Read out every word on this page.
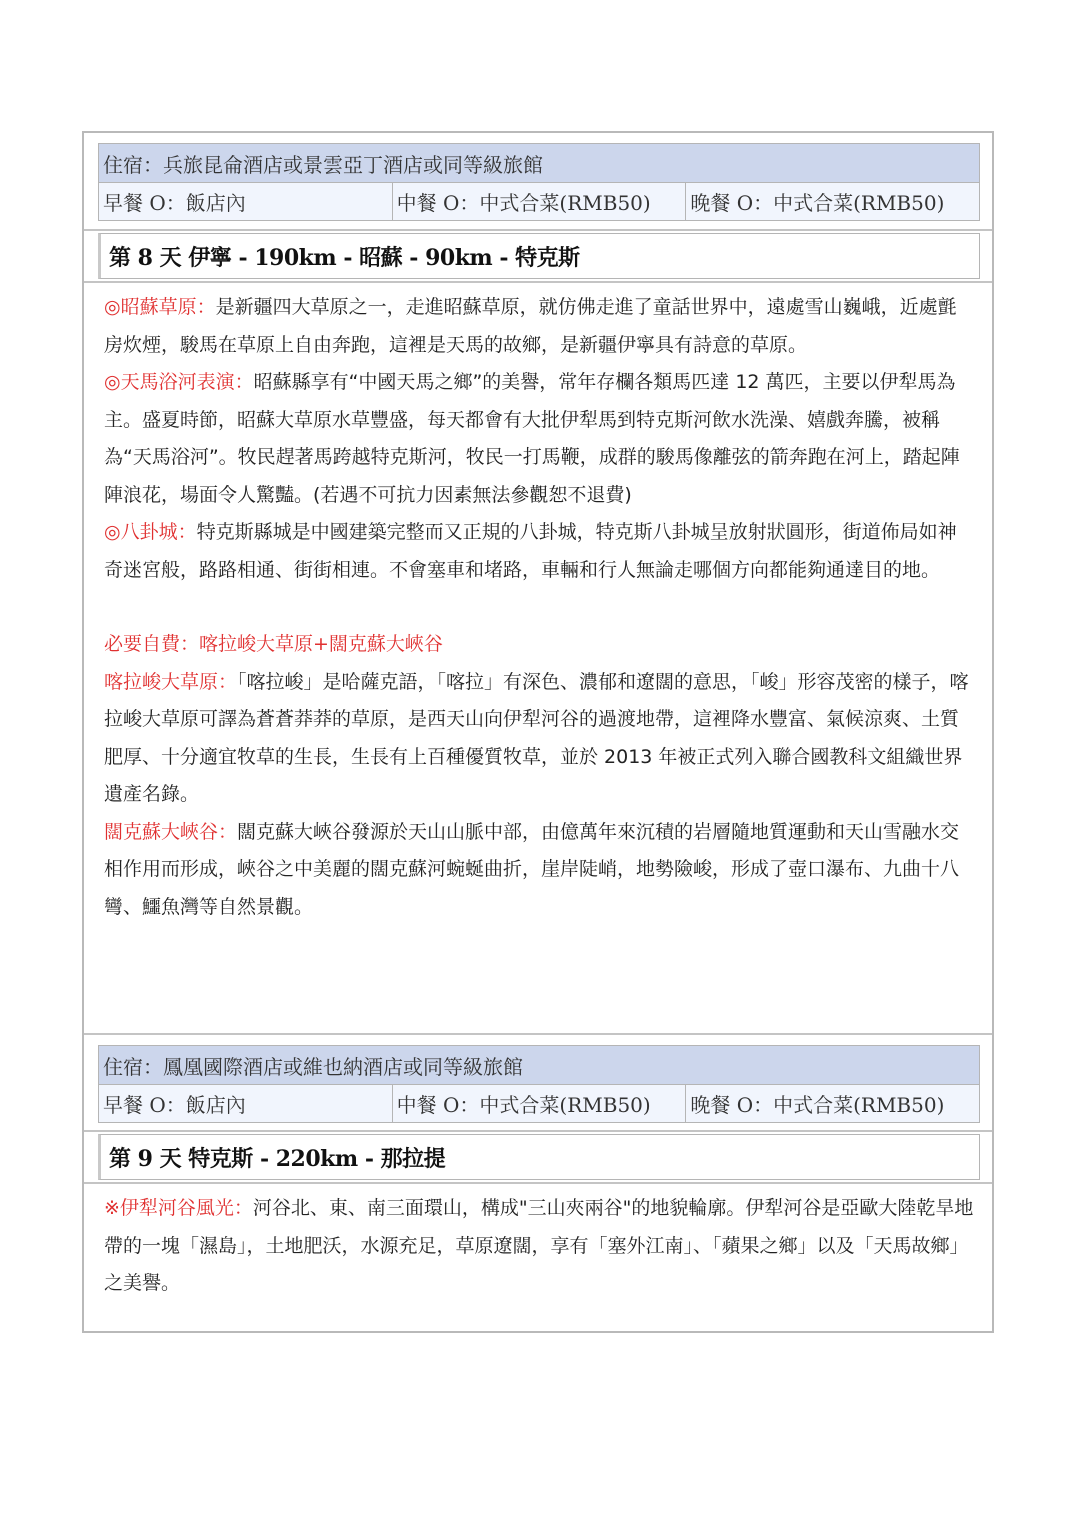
住宿：兵旅昆侖酒店或景雲亞丁酒店或同等級旅館
早餐 O：飯店內	中餐 O：中式合菜(RMB50)	晚餐 O：中式合菜(RMB50)
第 8 天 伊寧 - 190km - 昭蘇 - 90km - 特克斯

◎昭蘇草原：是新疆四大草原之一，走進昭蘇草原，就仿佛走進了童話世界中，遠處雪山巍峨，近處氈房炊煙，駿馬在草原上自由奔跑，這裡是天馬的故鄉，是新疆伊寧具有詩意的草原。

◎天馬浴河表演：昭蘇縣享有“中國天馬之鄉”的美譽，常年存欄各類馬匹達 12 萬匹，主要以伊犁馬為主。盛夏時節，昭蘇大草原水草豐盛，每天都會有大批伊犁馬到特克斯河飲水洗澡、嬉戲奔騰，被稱為“天馬浴河”。牧民趕著馬跨越特克斯河，牧民一打馬鞭，成群的駿馬像離弦的箭奔跑在河上，踏起陣陣浪花，場面令人驚豔。(若遇不可抗力因素無法參觀恕不退費)

◎八卦城：特克斯縣城是中國建築完整而又正規的八卦城，特克斯八卦城呈放射狀圓形，街道佈局如神奇迷宮般，路路相通、街街相連。不會塞車和堵路，車輛和行人無論走哪個方向都能夠通達目的地。

必要自費：喀拉峻大草原+闊克蘇大峽谷

喀拉峻大草原：「喀拉峻」是哈薩克語，「喀拉」有深色、濃郁和遼闊的意思，「峻」形容茂密的樣子，喀拉峻大草原可譯為蒼蒼莽莽的草原，是西天山向伊犁河谷的過渡地帶，這裡降水豐富、氣候涼爽、土質肥厚、十分適宜牧草的生長，生長有上百種優質牧草，並於 2013 年被正式列入聯合國教科文組織世界遺產名錄。

闊克蘇大峽谷：闊克蘇大峽谷發源於天山山脈中部，由億萬年來沉積的岩層隨地質運動和天山雪融水交相作用而形成，峽谷之中美麗的闊克蘇河蜿蜒曲折，崖岸陡峭，地勢險峻，形成了壺口瀑布、九曲十八彎、鱷魚灣等自然景觀。

住宿：鳳凰國際酒店或維也納酒店或同等級旅館
早餐 O：飯店內	中餐 O：中式合菜(RMB50)	晚餐 O：中式合菜(RMB50)
第 9 天 特克斯 - 220km - 那拉提

※伊犁河谷風光：河谷北、東、南三面環山，構成"三山夾兩谷"的地貌輪廓。伊犁河谷是亞歐大陸乾旱地帶的一塊「濕島」，土地肥沃，水源充足，草原遼闊，享有「塞外江南」、「蘋果之鄉」以及「天馬故鄉」之美譽。
